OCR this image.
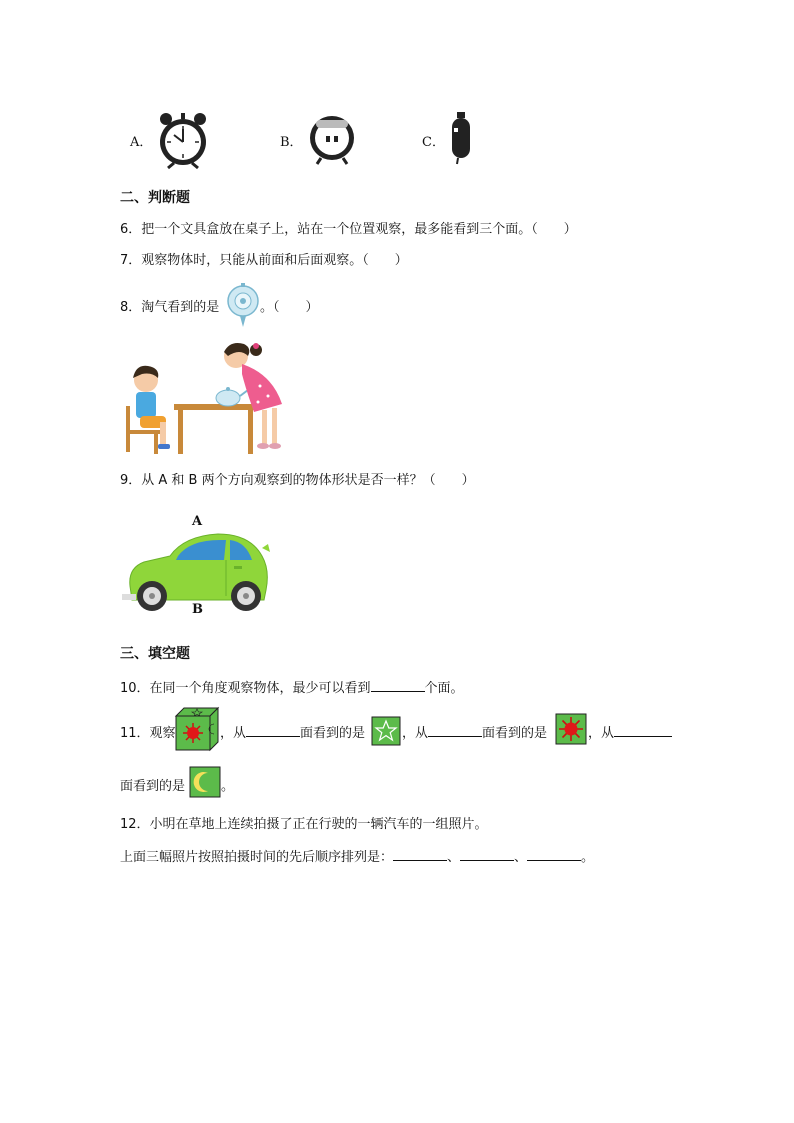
A．	B．	C．
二、判断题
6．把一个文具盒放在桌子上，站在一个位置观察，最多能看到三个面。（　　）
7．观察物体时，只能从前面和后面观察。（　　）
8．淘气看到的是	。（　　）
9．从 A 和 B 两个方向观察到的物体形状是否一样？（　　）
A
B
三、填空题
10．在同一个角度观察物体，最少可以看到	个面。
11．观察	，从	面看到的是	，从	面看到的是	，从
面看到的是	。
12．小明在草地上连续拍摄了正在行驶的一辆汽车的一组照片。
上面三幅照片按照拍摄时间的先后顺序排列是：	、	、	。
